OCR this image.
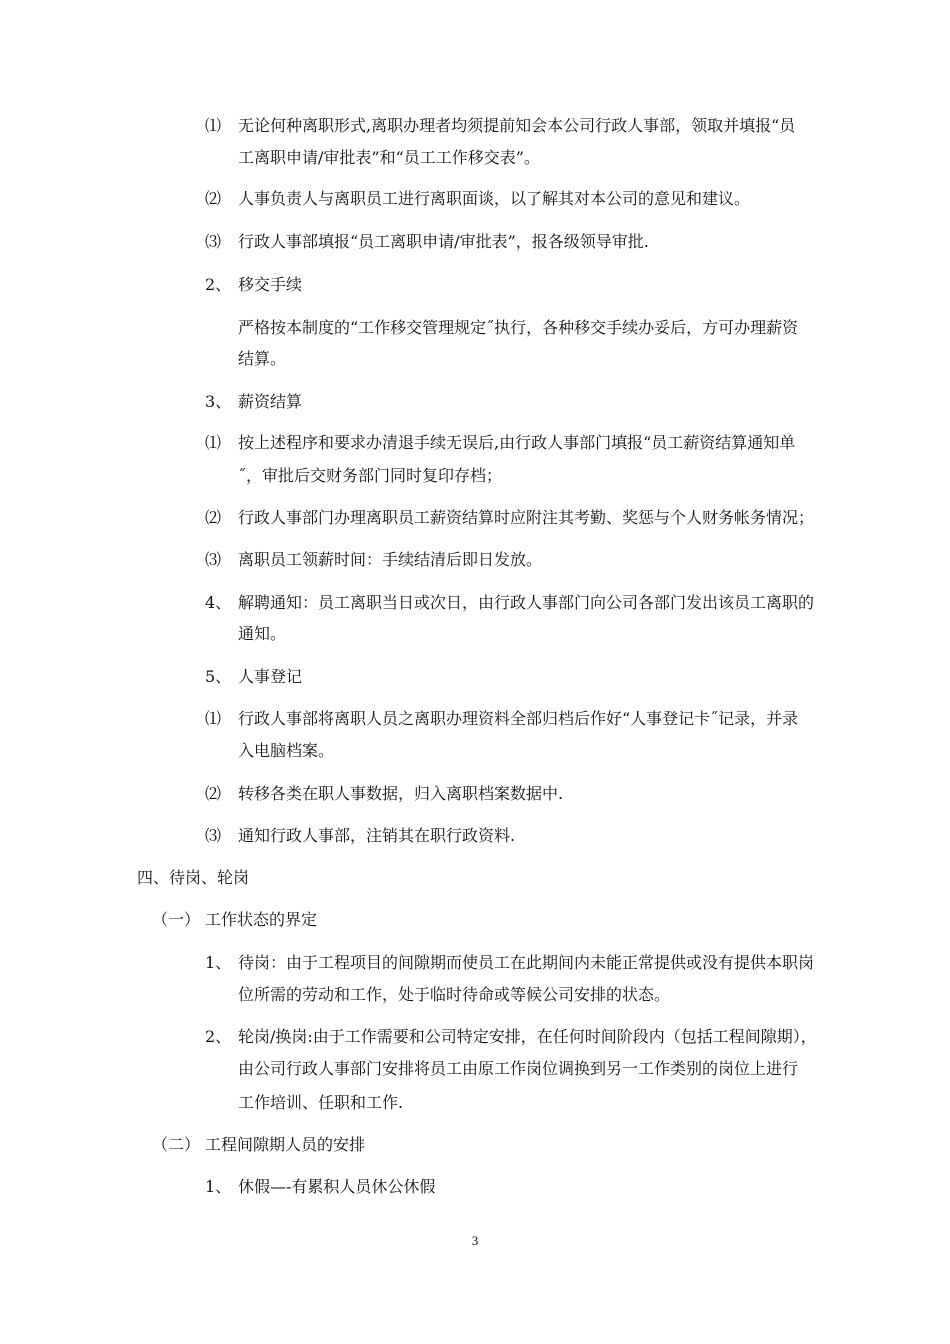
⑴ 无论何种离职形式,离职办理者均须提前知会本公司行政人事部，领取并填报“员
工离职申请/审批表”和“员工工作移交表”。
⑵ 人事负责人与离职员工进行离职面谈，以了解其对本公司的意见和建议。
⑶ 行政人事部填报“员工离职申请/审批表”，报各级领导审批.
2、 移交手续
严格按本制度的“工作移交管理规定˝执行，各种移交手续办妥后，方可办理薪资
结算。
3、 薪资结算
⑴ 按上述程序和要求办清退手续无误后,由行政人事部门填报“员工薪资结算通知单
˝，审批后交财务部门同时复印存档；
⑵ 行政人事部门办理离职员工薪资结算时应附注其考勤、奖惩与个人财务帐务情况；
⑶ 离职员工领薪时间：手续结清后即日发放。
4、 解聘通知：员工离职当日或次日，由行政人事部门向公司各部门发出该员工离职的
通知。
5、 人事登记
⑴ 行政人事部将离职人员之离职办理资料全部归档后作好“人事登记卡˝记录，并录
入电脑档案。
⑵ 转移各类在职人事数据，归入离职档案数据中.
⑶ 通知行政人事部，注销其在职行政资料.
四、待岗、轮岗
（一） 工作状态的界定
1、 待岗：由于工程项目的间隙期而使员工在此期间内未能正常提供或没有提供本职岗
位所需的劳动和工作，处于临时待命或等候公司安排的状态。
2、 轮岗/换岗:由于工作需要和公司特定安排，在任何时间阶段内（包括工程间隙期），
由公司行政人事部门安排将员工由原工作岗位调换到另一工作类别的岗位上进行
工作培训、任职和工作.
（二） 工程间隙期人员的安排
1、 休假—-有累积人员休公休假
3
